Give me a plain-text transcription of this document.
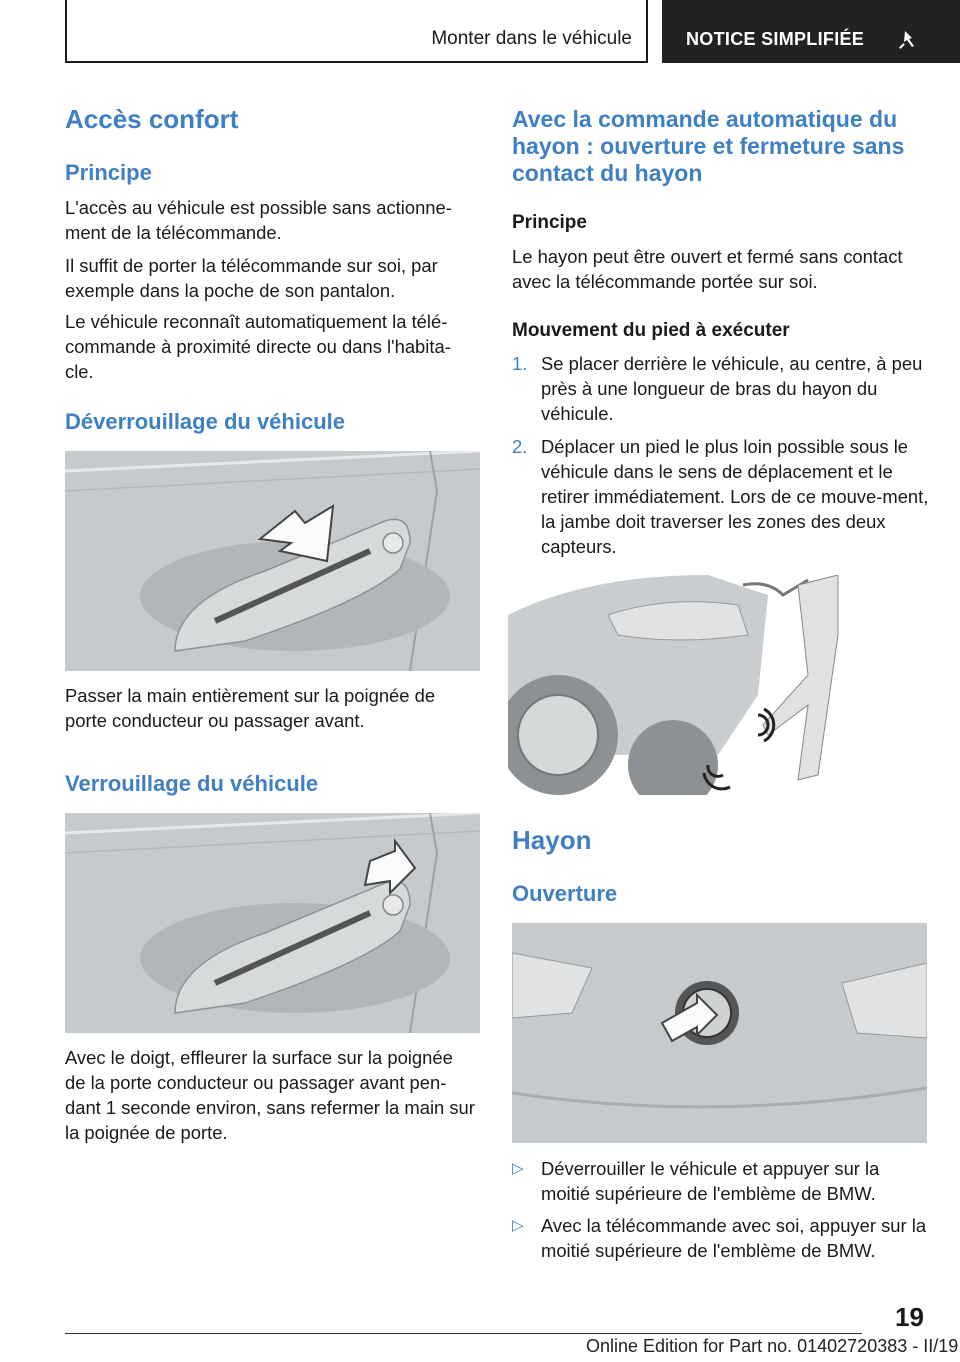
Monter dans le véhicule	NOTICE SIMPLIFIÉE
Accès confort
Principe

L'accès au véhicule est possible sans actionne-ment de la télécommande.

Il suffit de porter la télécommande sur soi, par exemple dans la poche de son pantalon.

Le véhicule reconnaît automatiquement la télé-commande à proximité directe ou dans l'habita-cle.

Déverrouillage du véhicule

Passer la main entièrement sur la poignée de porte conducteur ou passager avant.

Verrouillage du véhicule

Avec le doigt, effleurer la surface sur la poignée de la porte conducteur ou passager avant pen-dant 1 seconde environ, sans refermer la main sur la poignée de porte.

Avec la commande automatique du hayon : ouverture et fermeture sans contact du hayon
Principe

Le hayon peut être ouvert et fermé sans contact avec la télécommande portée sur soi.

Mouvement du pied à exécuter
1. Se placer derrière le véhicule, au centre, à peu près à une longueur de bras du hayon du véhicule.
2. Déplacer un pied le plus loin possible sous le véhicule dans le sens de déplacement et le retirer immédiatement. Lors de ce mouve-ment, la jambe doit traverser les zones des deux capteurs.
Hayon
Ouverture
▷ Déverrouiller le véhicule et appuyer sur la moitié supérieure de l'emblème de BMW.
▷ Avec la télécommande avec soi, appuyer sur la moitié supérieure de l'emblème de BMW.
19
Online Edition for Part no. 01402720383 - II/19
